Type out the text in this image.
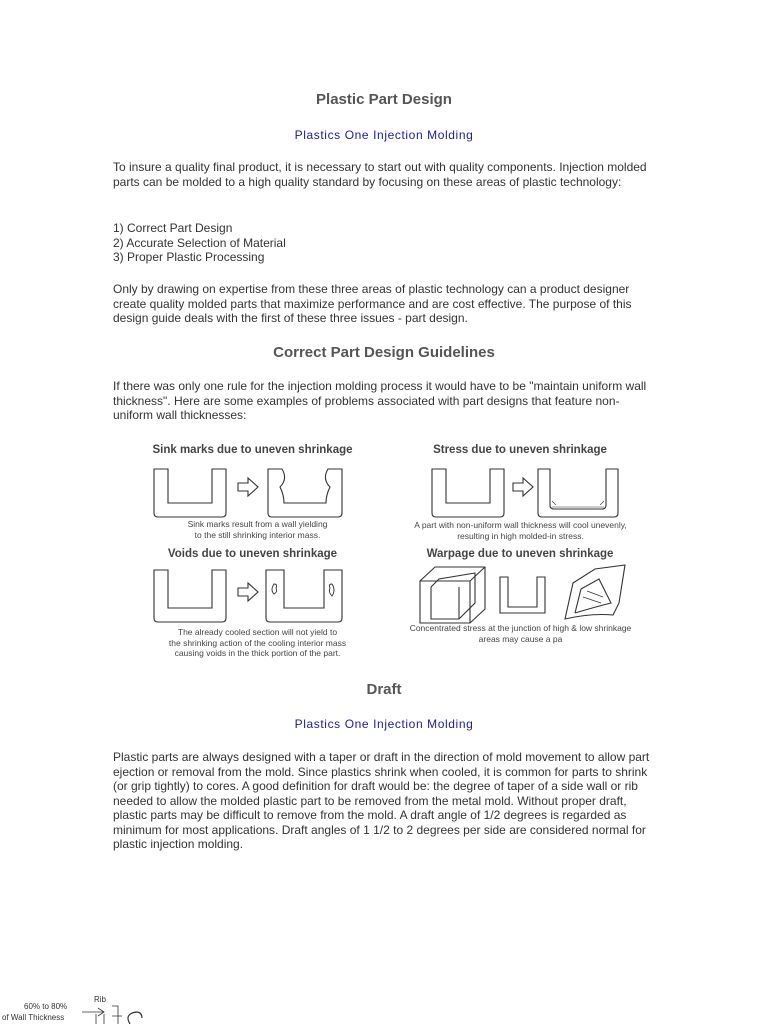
Plastic Part Design
Plastics One Injection Molding
To insure a quality final product, it is necessary to start out with quality components. Injection molded parts can be molded to a high quality standard by focusing on these areas of plastic technology:
1) Correct Part Design
2) Accurate Selection of Material
3) Proper Plastic Processing
Only by drawing on expertise from these three areas of plastic technology can a product designer create quality molded parts that maximize performance and are cost effective. The purpose of this design guide deals with the first of these three issues - part design.
Correct Part Design Guidelines
If there was only one rule for the injection molding process it would have to be "maintain uniform wall thickness". Here are some examples of problems associated with part designs that feature non-uniform wall thicknesses:
Sink marks due to uneven shrinkage
Sink marks result from a wall yielding
to the still shrinking interior mass.
Stress due to uneven shrinkage
A part with non-uniform wall thickness will cool unevenly,
resulting in high molded-in stress.
Voids due to uneven shrinkage
The already cooled section will not yield to
the shrinking action of the cooling interior mass
causing voids in the thick portion of the part.
Warpage due to uneven shrinkage
Concentrated stress at the junction of high & low shrinkage
areas may cause a pa
Draft
Plastics One Injection Molding
Plastic parts are always designed with a taper or draft in the direction of mold movement to allow part ejection or removal from the mold. Since plastics shrink when cooled, it is common for parts to shrink (or grip tightly) to cores. A good definition for draft would be: the degree of taper of a side wall or rib needed to allow the molded plastic part to be removed from the metal mold. Without proper draft, plastic parts may be difficult to remove from the mold. A draft angle of 1/2 degrees is regarded as minimum for most applications. Draft angles of 1 1/2 to 2 degrees per side are considered normal for plastic injection molding.
60% to 80%
of Wall Thickness
Rib
